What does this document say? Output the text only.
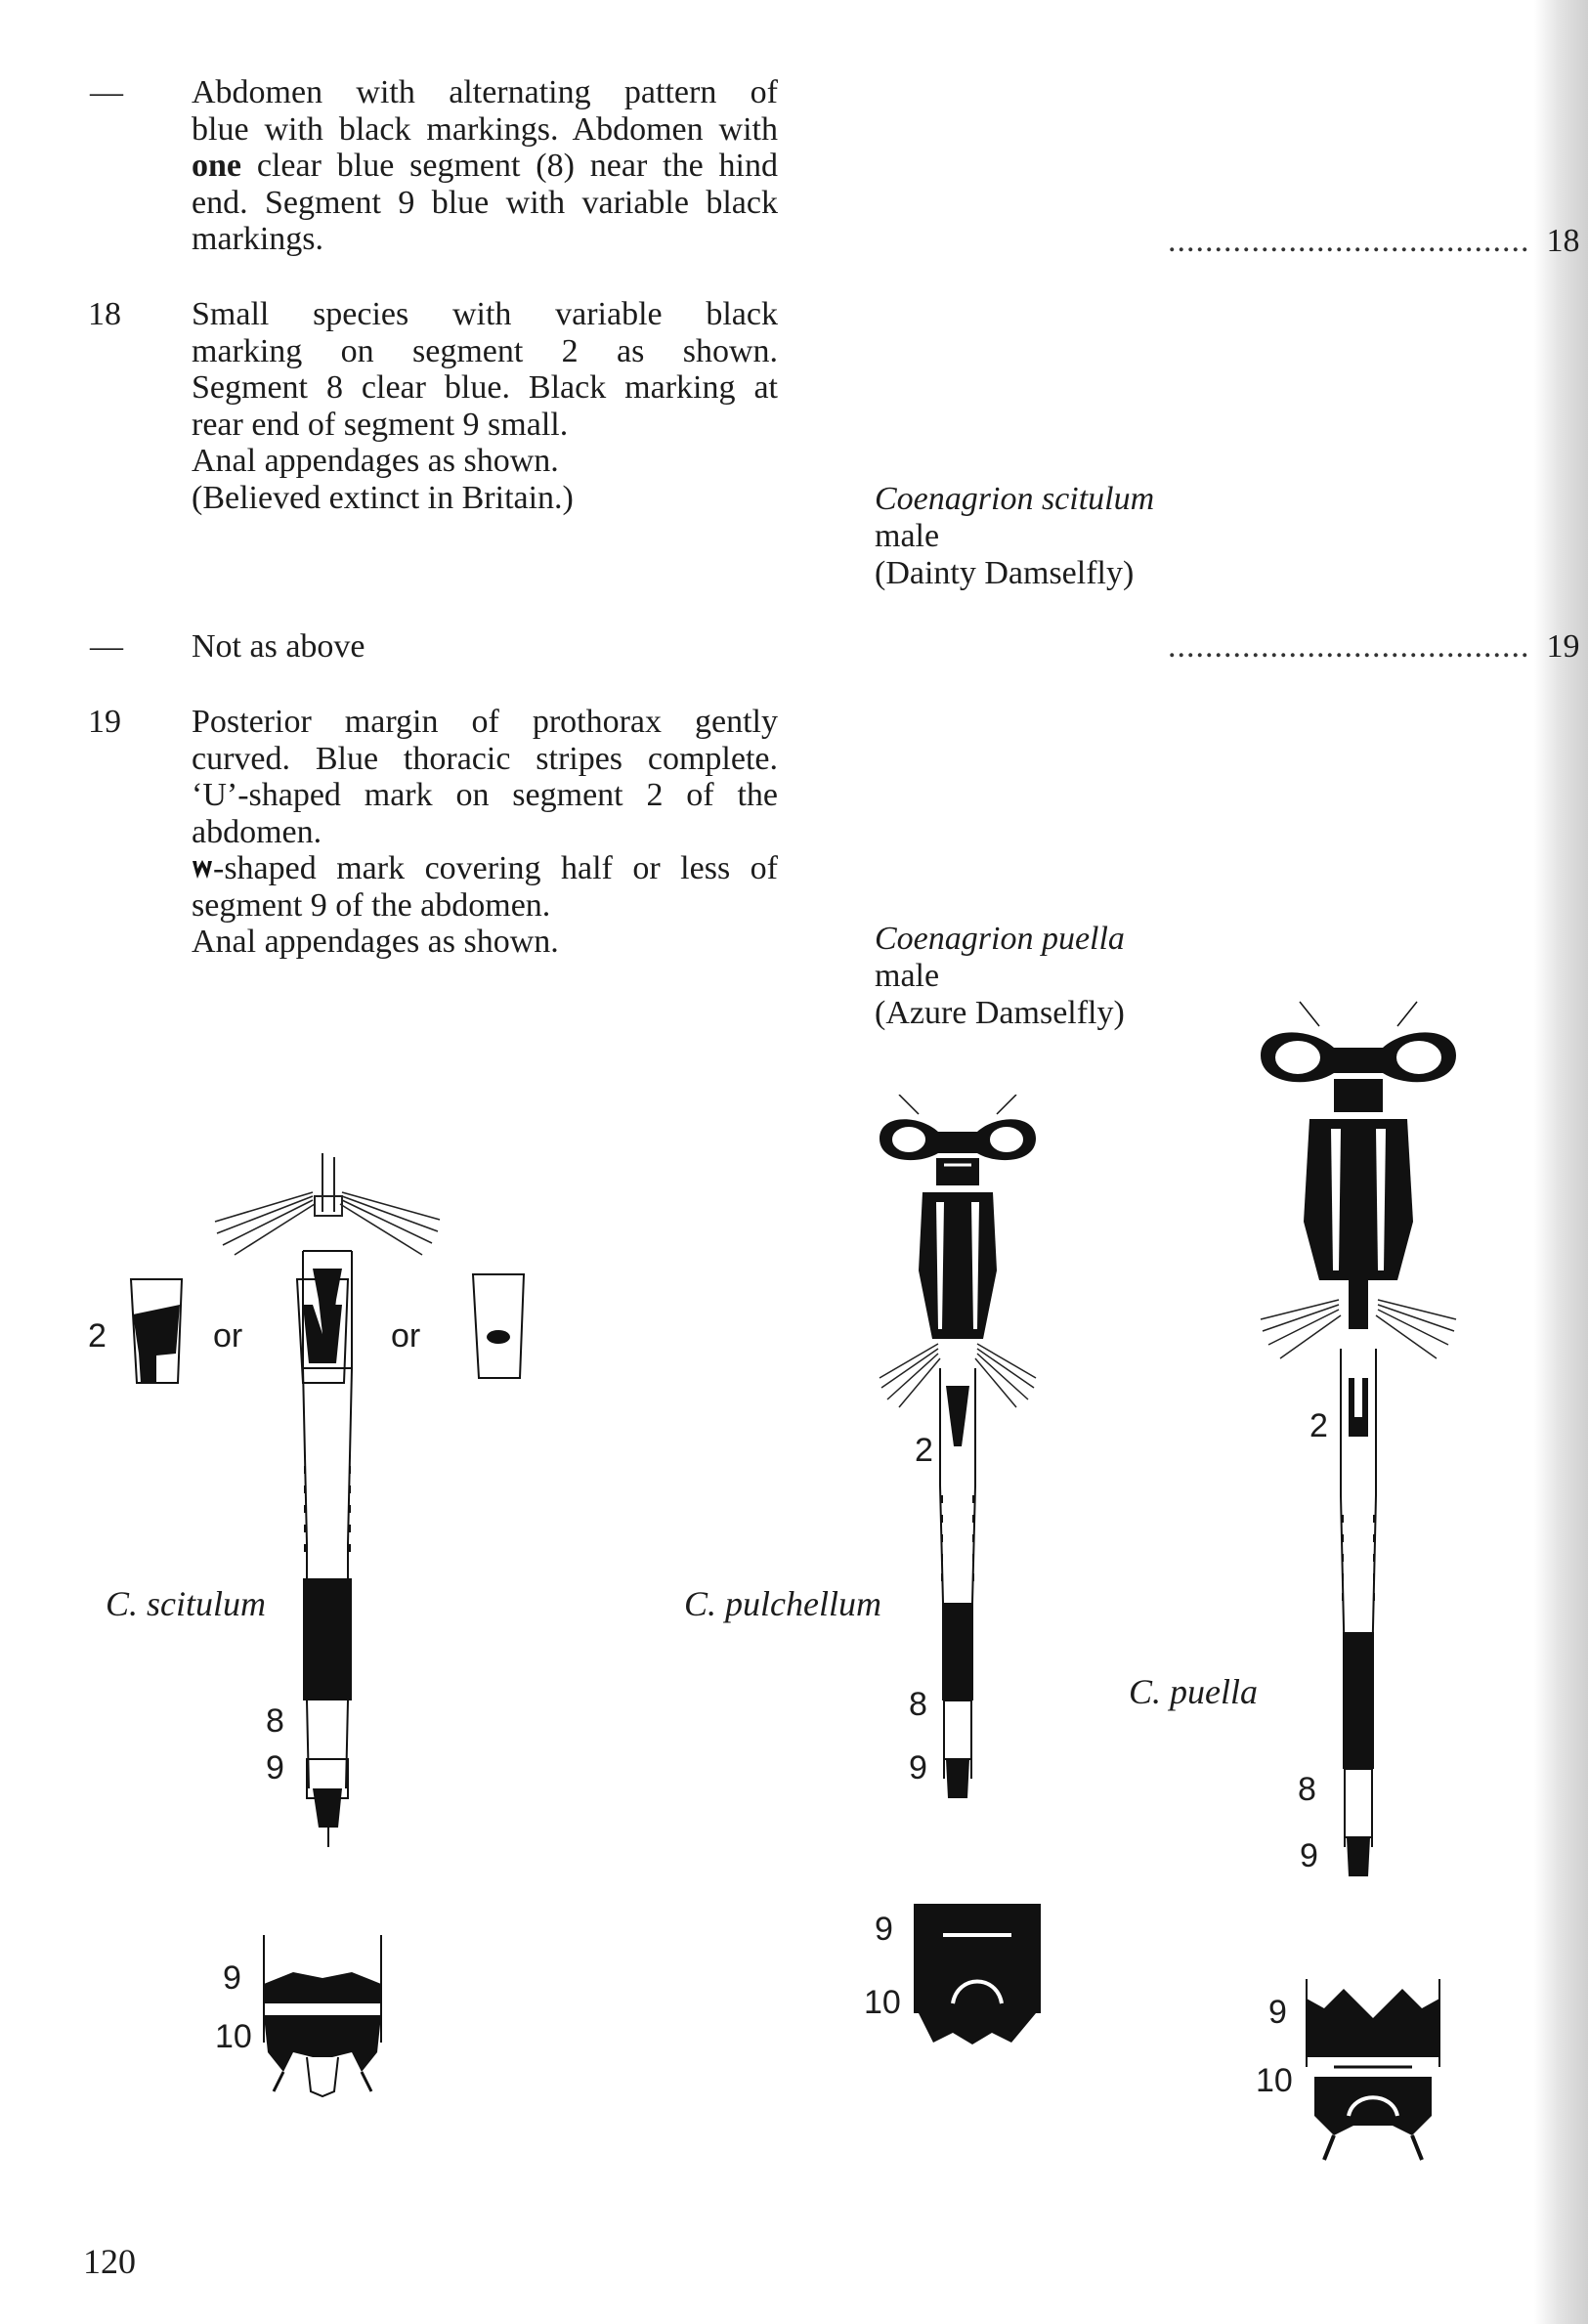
— Abdomen with alternating pattern of
blue with black markings. Abdomen with
one clear blue segment (8) near the hind
end. Segment 9 blue with variable black
markings.	....................................... 18
18 Small species with variable black
marking on segment 2 as shown.
Segment 8 clear blue. Black marking at
rear end of segment 9 small.
Anal appendages as shown.
(Believed extinct in Britain.)	Coenagrion scitulum
male
(Dainty Damselfly)
— Not as above	....................................... 19
19 Posterior margin of prothorax gently
curved. Blue thoracic stripes complete.
‘U’-shaped mark on segment 2 of the
abdomen.
-shaped mark covering half or less of
segment 9 of the abdomen.
Anal appendages as shown.	Coenagrion puella
male
(Azure Damselfly)
2	or	or
C. scitulum
8
9
9
10
2
C. pulchellum
8
9
9
10
2
C. puella
8
9
9
10
120
